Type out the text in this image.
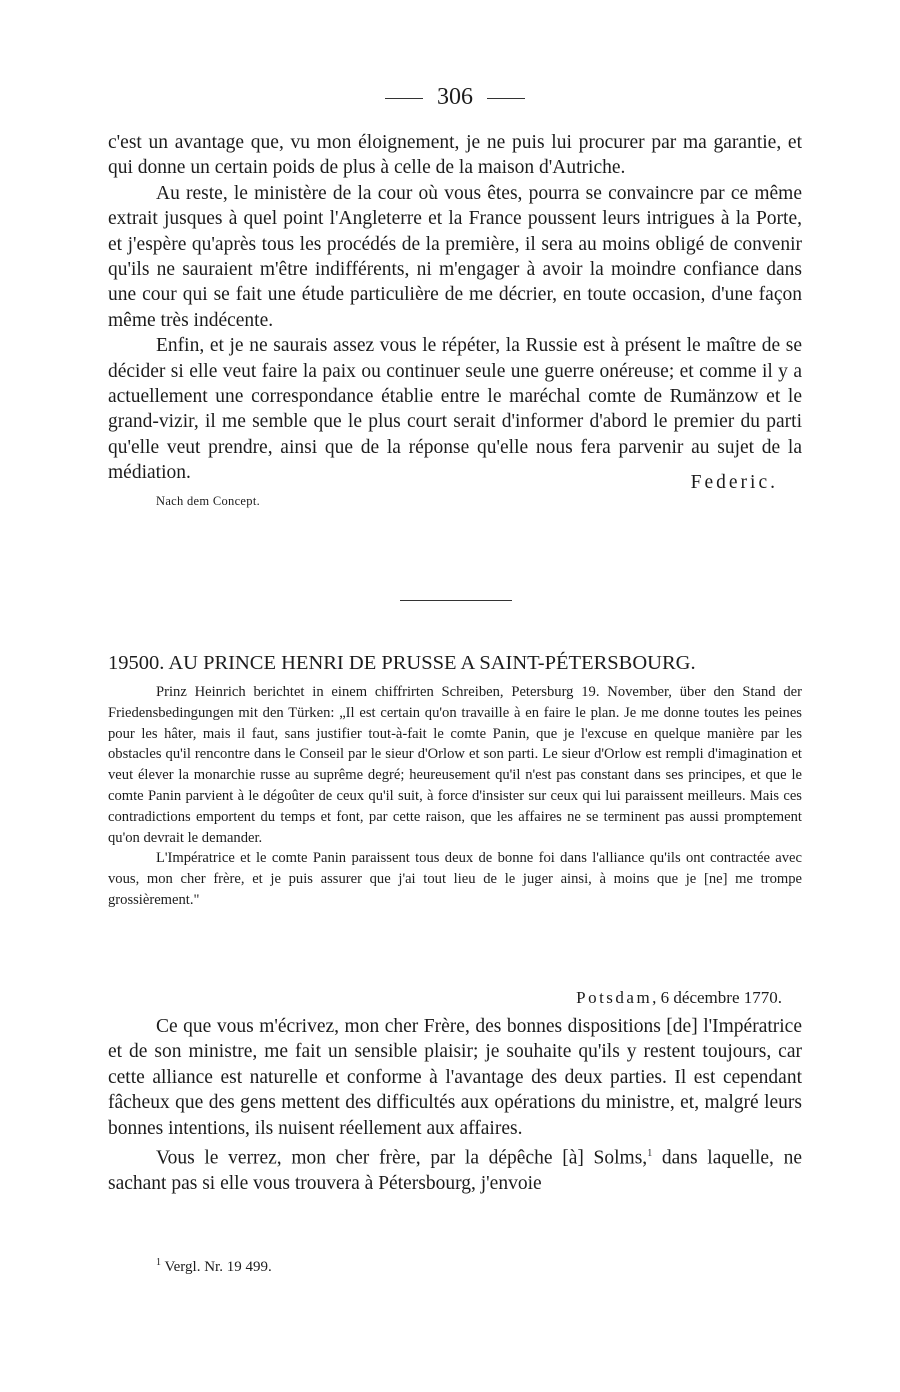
306

c'est un avantage que, vu mon éloignement, je ne puis lui procurer par ma garantie, et qui donne un certain poids de plus à celle de la maison d'Autriche.

Au reste, le ministère de la cour où vous êtes, pourra se convaincre par ce même extrait jusques à quel point l'Angleterre et la France poussent leurs intrigues à la Porte, et j'espère qu'après tous les procédés de la première, il sera au moins obligé de convenir qu'ils ne sauraient m'être indifférents, ni m'engager à avoir la moindre confiance dans une cour qui se fait une étude particulière de me décrier, en toute occasion, d'une façon même très indécente.

Enfin, et je ne saurais assez vous le répéter, la Russie est à présent le maître de se décider si elle veut faire la paix ou continuer seule une guerre onéreuse; et comme il y a actuellement une correspondance établie entre le maréchal comte de Rumänzow et le grand-vizir, il me semble que le plus court serait d'informer d'abord le premier du parti qu'elle veut prendre, ainsi que de la réponse qu'elle nous fera parvenir au sujet de la médiation.	Federic.
Nach dem Concept.
19500. AU PRINCE HENRI DE PRUSSE A SAINT-PÉTERSBOURG.

Prinz Heinrich berichtet in einem chiffrirten Schreiben, Petersburg 19. November, über den Stand der Friedensbedingungen mit den Türken: „Il est certain qu'on travaille à en faire le plan. Je me donne toutes les peines pour les hâter, mais il faut, sans justifier tout-à-fait le comte Panin, que je l'excuse en quelque manière par les obstacles qu'il rencontre dans le Conseil par le sieur d'Orlow et son parti. Le sieur d'Orlow est rempli d'imagination et veut élever la monarchie russe au suprême degré; heureusement qu'il n'est pas constant dans ses principes, et que le comte Panin parvient à le dégoûter de ceux qu'il suit, à force d'insister sur ceux qui lui paraissent meilleurs. Mais ces contradictions emportent du temps et font, par cette raison, que les affaires ne se terminent pas aussi promptement qu'on devrait le demander.

L'Impératrice et le comte Panin paraissent tous deux de bonne foi dans l'alliance qu'ils ont contractée avec vous, mon cher frère, et je puis assurer que j'ai tout lieu de le juger ainsi, à moins que je [ne] me trompe grossièrement."

Potsdam, 6 décembre 1770.

Ce que vous m'écrivez, mon cher Frère, des bonnes dispositions [de] l'Impératrice et de son ministre, me fait un sensible plaisir; je souhaite qu'ils y restent toujours, car cette alliance est naturelle et conforme à l'avantage des deux parties. Il est cependant fâcheux que des gens mettent des difficultés aux opérations du ministre, et, malgré leurs bonnes intentions, ils nuisent réellement aux affaires.

Vous le verrez, mon cher frère, par la dépêche [à] Solms,$^1$ dans laquelle, ne sachant pas si elle vous trouvera à Pétersbourg, j'envoie

$^1$ Vergl. Nr. 19 499.
